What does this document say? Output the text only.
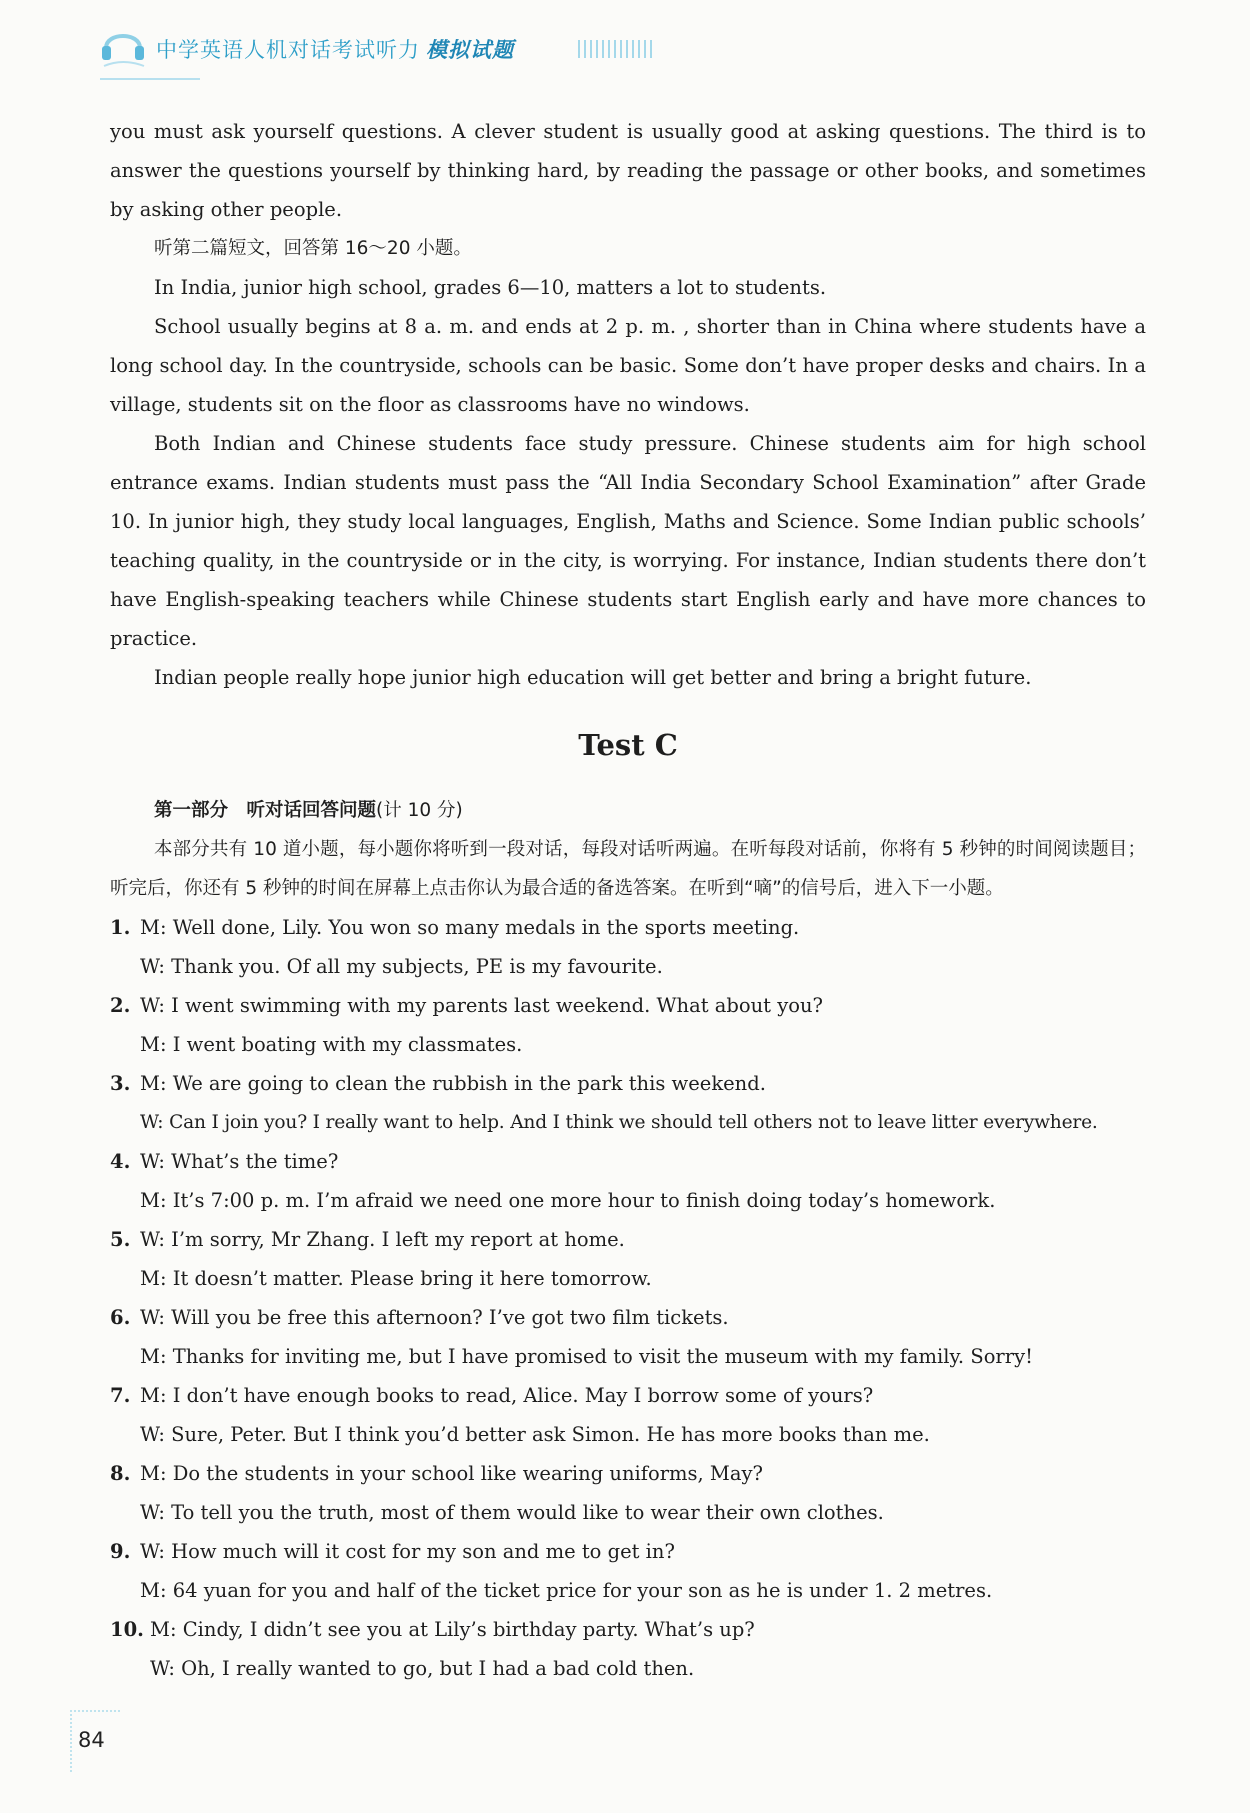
中学英语人机对话考试听力 模拟试题

you must ask yourself questions. A clever student is usually good at asking questions. The third is to answer the questions yourself by thinking hard, by reading the passage or other books, and sometimes by asking other people.

听第二篇短文，回答第 16～20 小题。

In India, junior high school, grades 6—10, matters a lot to students.

School usually begins at 8 a. m. and ends at 2 p. m. , shorter than in China where students have a long school day. In the countryside, schools can be basic. Some don’t have proper desks and chairs. In a village, students sit on the floor as classrooms have no windows.

Both Indian and Chinese students face study pressure. Chinese students aim for high school entrance exams. Indian students must pass the “All India Secondary School Examination” after Grade 10. In junior high, they study local languages, English, Maths and Science. Some Indian public schools’ teaching quality, in the countryside or in the city, is worrying. For instance, Indian students there don’t have English-speaking teachers while Chinese students start English early and have more chances to practice.

Indian people really hope junior high education will get better and bring a bright future.

Test C

第一部分　听对话回答问题(计 10 分)

本部分共有 10 道小题，每小题你将听到一段对话，每段对话听两遍。在听每段对话前，你将有 5 秒钟的时间阅读题目；听完后，你还有 5 秒钟的时间在屏幕上点击你认为最合适的备选答案。在听到“嘀”的信号后，进入下一小题。

1. M: Well done, Lily. You won so many medals in the sports meeting.
W: Thank you. Of all my subjects, PE is my favourite.
2. W: I went swimming with my parents last weekend. What about you?
M: I went boating with my classmates.
3. M: We are going to clean the rubbish in the park this weekend.
W: Can I join you? I really want to help. And I think we should tell others not to leave litter everywhere.
4. W: What’s the time?
M: It’s 7:00 p. m. I’m afraid we need one more hour to finish doing today’s homework.
5. W: I’m sorry, Mr Zhang. I left my report at home.
M: It doesn’t matter. Please bring it here tomorrow.
6. W: Will you be free this afternoon? I’ve got two film tickets.
M: Thanks for inviting me, but I have promised to visit the museum with my family. Sorry!
7. M: I don’t have enough books to read, Alice. May I borrow some of yours?
W: Sure, Peter. But I think you’d better ask Simon. He has more books than me.
8. M: Do the students in your school like wearing uniforms, May?
W: To tell you the truth, most of them would like to wear their own clothes.
9. W: How much will it cost for my son and me to get in?
M: 64 yuan for you and half of the ticket price for your son as he is under 1. 2 metres.
10. M: Cindy, I didn’t see you at Lily’s birthday party. What’s up?
W: Oh, I really wanted to go, but I had a bad cold then.
84
